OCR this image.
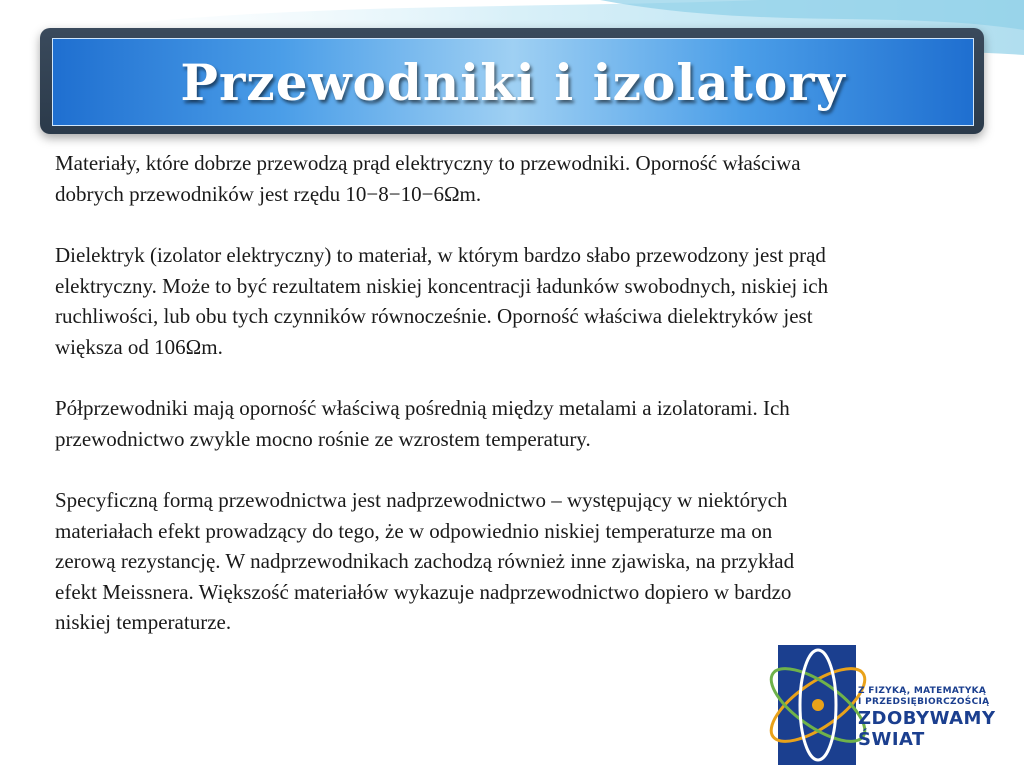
Przewodniki i izolatory

Materiały, które dobrze przewodzą prąd elektryczny to przewodniki. Oporność właściwa dobrych przewodników jest rzędu 10−8−10−6Ωm.

Dielektryk (izolator elektryczny) to materiał, w którym bardzo słabo przewodzony jest prąd elektryczny. Może to być rezultatem niskiej koncentracji ładunków swobodnych, niskiej ich ruchliwości, lub obu tych czynników równocześnie. Oporność właściwa dielektryków jest większa od 106Ωm.

Półprzewodniki mają oporność właściwą pośrednią między metalami a izolatorami. Ich przewodnictwo zwykle mocno rośnie ze wzrostem temperatury.

Specyficzną formą przewodnictwa jest nadprzewodnictwo – występujący w niektórych materiałach efekt prowadzący do tego, że w odpowiednio niskiej temperaturze ma on zerową rezystancję. W nadprzewodnikach zachodzą również inne zjawiska, na przykład efekt Meissnera. Większość materiałów wykazuje nadprzewodnictwo dopiero w bardzo niskiej temperaturze.

Z FIZYKĄ, MATEMATYKĄ
I PRZEDSIĘBIORCZOŚCIĄ
ZDOBYWAMY
ŚWIAT
